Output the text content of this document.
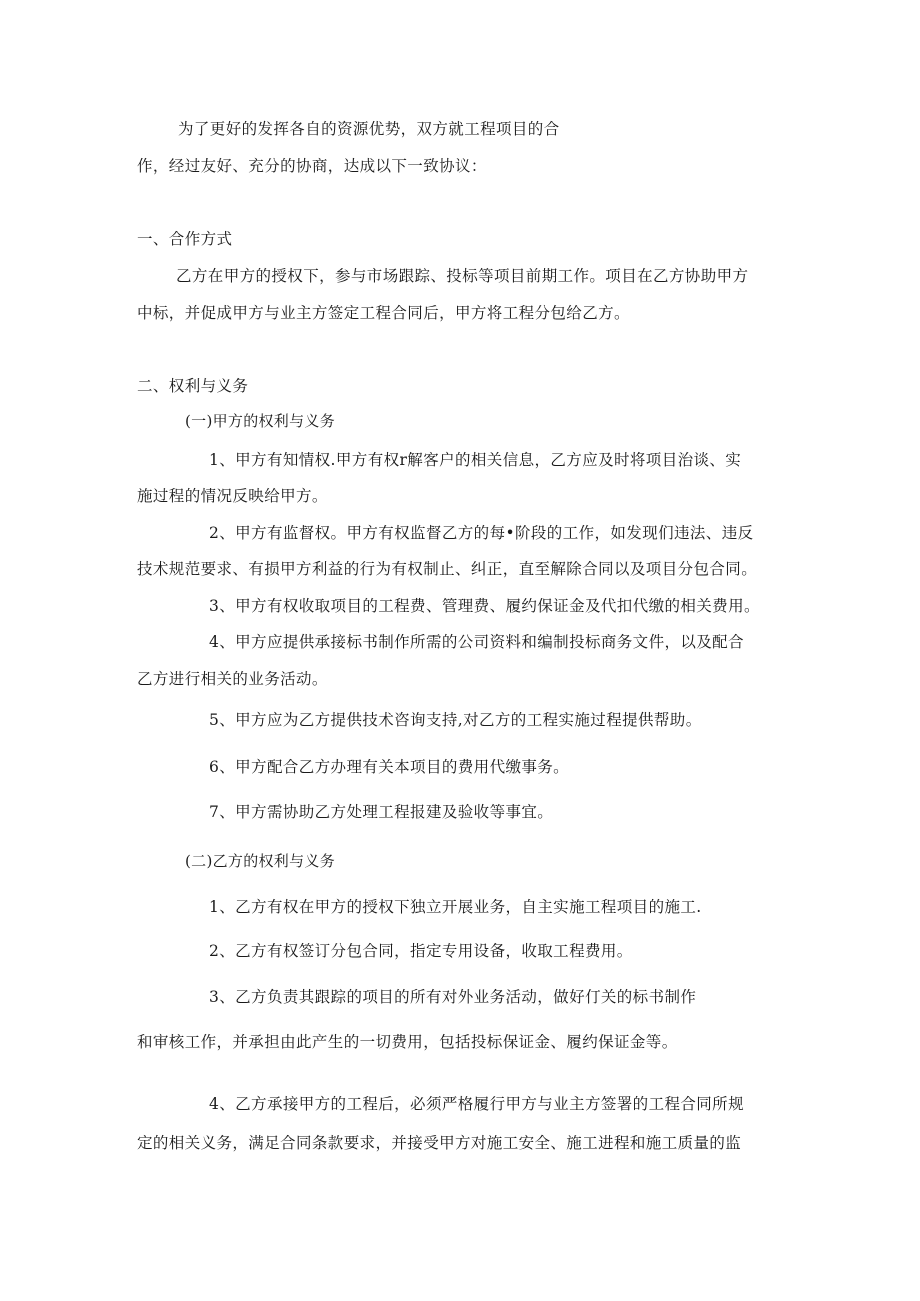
为了更好的发挥各自的资源优势，双方就工程项目的合
作，经过友好、充分的协商，达成以下一致协议：
一、合作方式
乙方在甲方的授权下，参与市场跟踪、投标等项目前期工作。项目在乙方协助甲方
中标，并促成甲方与业主方签定工程合同后，甲方将工程分包给乙方。
二、权利与义务
(一)甲方的权利与义务
1、甲方有知情权.甲方有权r解客户的相关信息，乙方应及时将项目治谈、实
施过程的情况反映给甲方。
2、甲方有监督权。甲方有权监督乙方的每•阶段的工作，如发现们违法、违反
技术规范要求、有损甲方利益的行为有权制止、纠正，直至解除合同以及项目分包合同。
3、甲方有权收取项目的工程费、管理费、履约保证金及代扣代缴的相关费用。
4、甲方应提供承接标书制作所需的公司资料和编制投标商务文件，以及配合
乙方进行相关的业务活动。
5、甲方应为乙方提供技术咨询支持,对乙方的工程实施过程提供帮助。
6、甲方配合乙方办理有关本项目的费用代缴事务。
7、甲方需协助乙方处理工程报建及验收等事宜。
(二)乙方的权利与义务
1、乙方有权在甲方的授权下独立开展业务，自主实施工程项目的施工.
2、乙方有权签订分包合同，指定专用设备，收取工程费用。
3、乙方负责其跟踪的项目的所有对外业务活动，做好仃关的标书制作
和审核工作，并承担由此产生的一切费用，包括投标保证金、履约保证金等。
4、乙方承接甲方的工程后，必须严格履行甲方与业主方签署的工程合同所规
定的相关义务，满足合同条款要求，并接受甲方对施工安全、施工进程和施工质量的监
